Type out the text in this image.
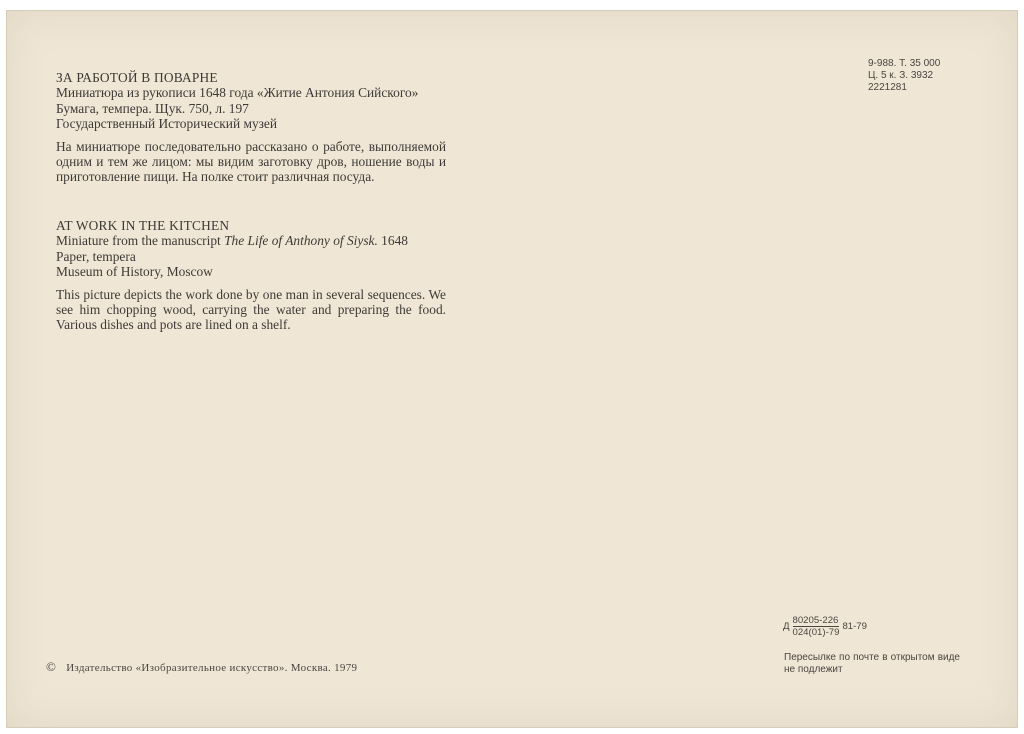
ЗА РАБОТОЙ В ПОВАРНЕ

Миниатюра из рукописи 1648 года «Житие Антония Сийского»

Бумага, темпера. Щук. 750, л. 197

Государственный Исторический музей

На миниатюре последовательно рассказано о работе, выполняемой одним и тем же лицом: мы видим заготовку дров, ношение воды и приготовление пищи. На полке стоит различная посуда.

AT WORK IN THE KITCHEN

Miniature from the manuscript The Life of Anthony of Siysk. 1648

Paper, tempera

Museum of History, Moscow

This picture depicts the work done by one man in several sequences. We see him chopping wood, carrying the water and preparing the food. Various dishes and pots are lined on a shelf.

9-988. Т. 35 000
Ц. 5 к. З. 3932
2221281
© Издательство «Изобразительное искусство». Москва. 1979
Д $\frac{80205-226}{024(01)-79} 81-79$
Пересылке по почте в открытом виде не подлежит
